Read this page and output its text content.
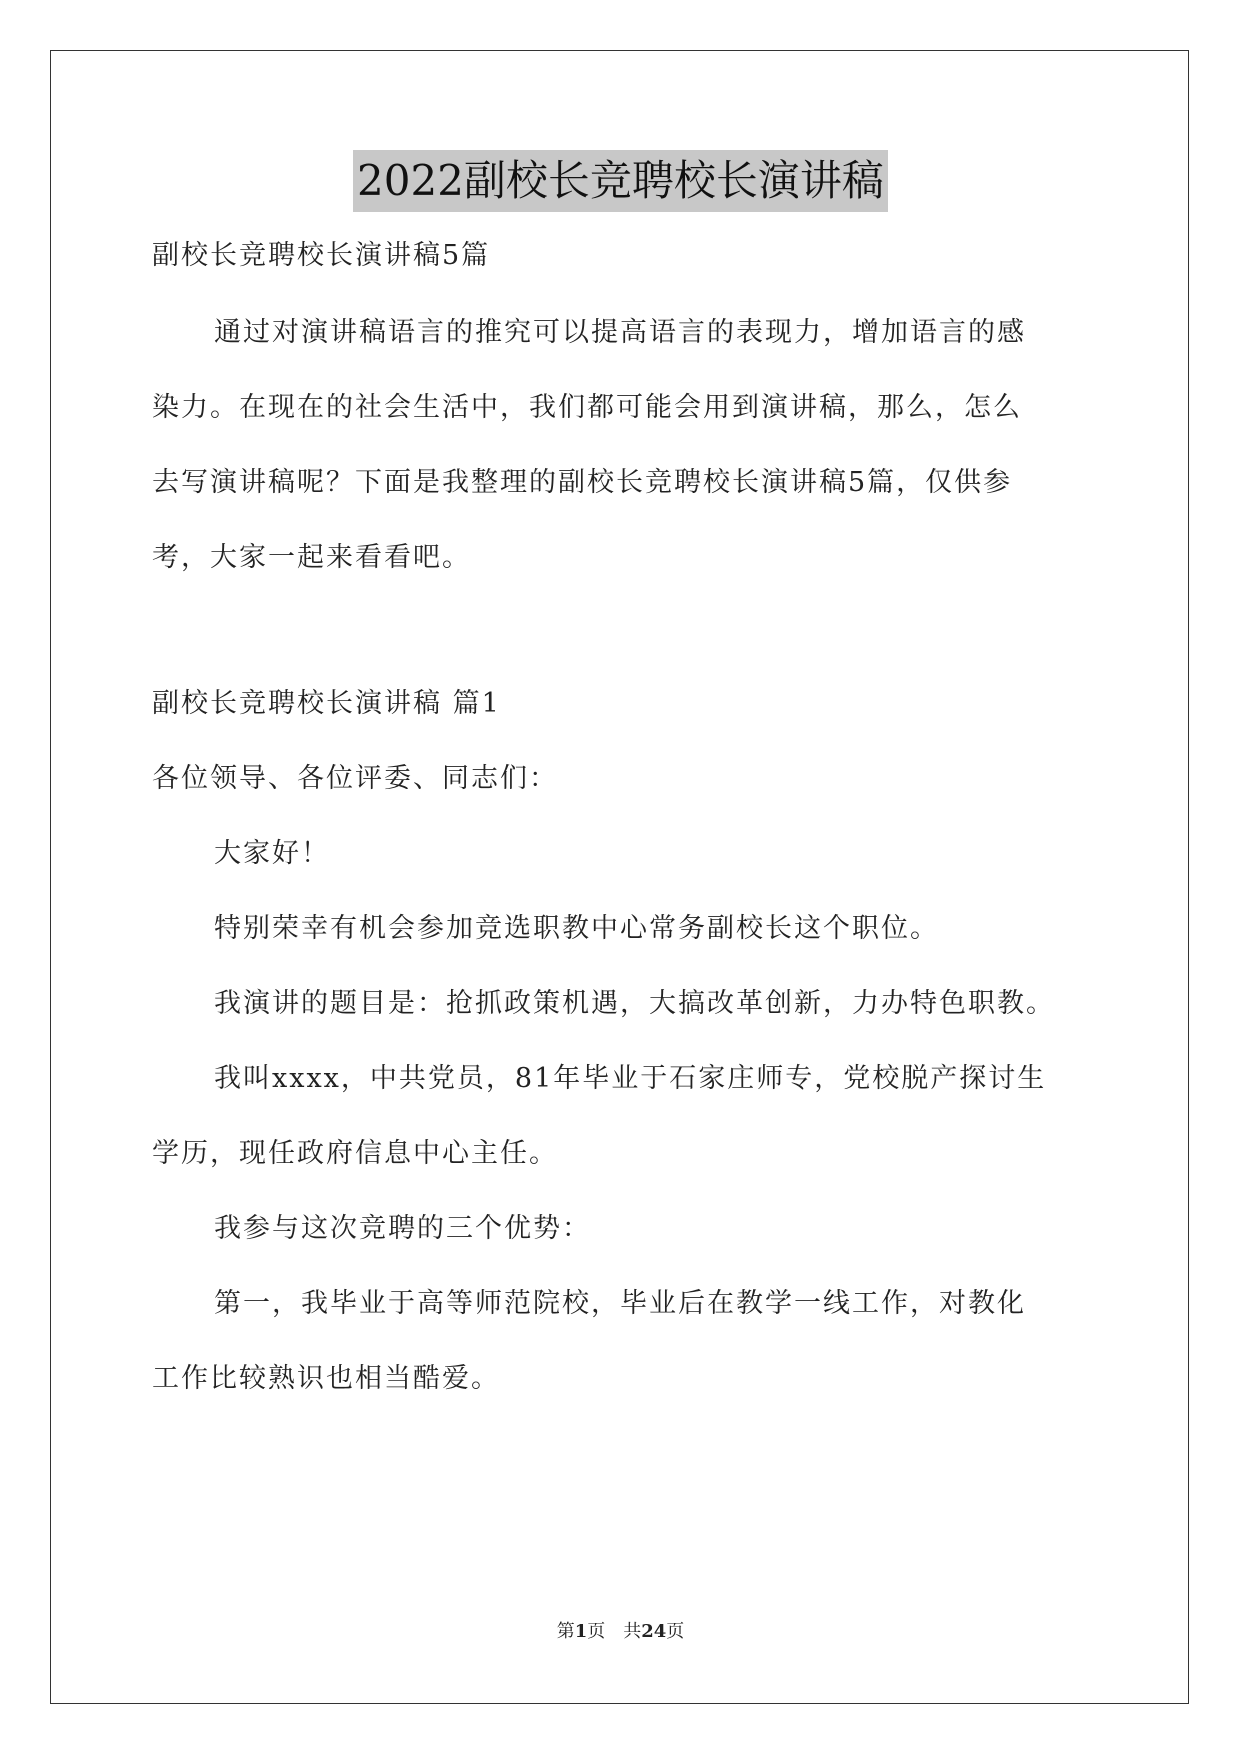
2022副校长竞聘校长演讲稿
副校长竞聘校长演讲稿5篇
通过对演讲稿语言的推究可以提高语言的表现力，增加语言的感
染力。在现在的社会生活中，我们都可能会用到演讲稿，那么，怎么
去写演讲稿呢？下面是我整理的副校长竞聘校长演讲稿5篇，仅供参
考，大家一起来看看吧。
副校长竞聘校长演讲稿 篇1
各位领导、各位评委、同志们：
大家好！
特别荣幸有机会参加竞选职教中心常务副校长这个职位。
我演讲的题目是：抢抓政策机遇，大搞改革创新，力办特色职教。
我叫xxxx，中共党员，81年毕业于石家庄师专，党校脱产探讨生
学历，现任政府信息中心主任。
我参与这次竞聘的三个优势：
第一，我毕业于高等师范院校，毕业后在教学一线工作，对教化
工作比较熟识也相当酷爱。
第1页 共24页
